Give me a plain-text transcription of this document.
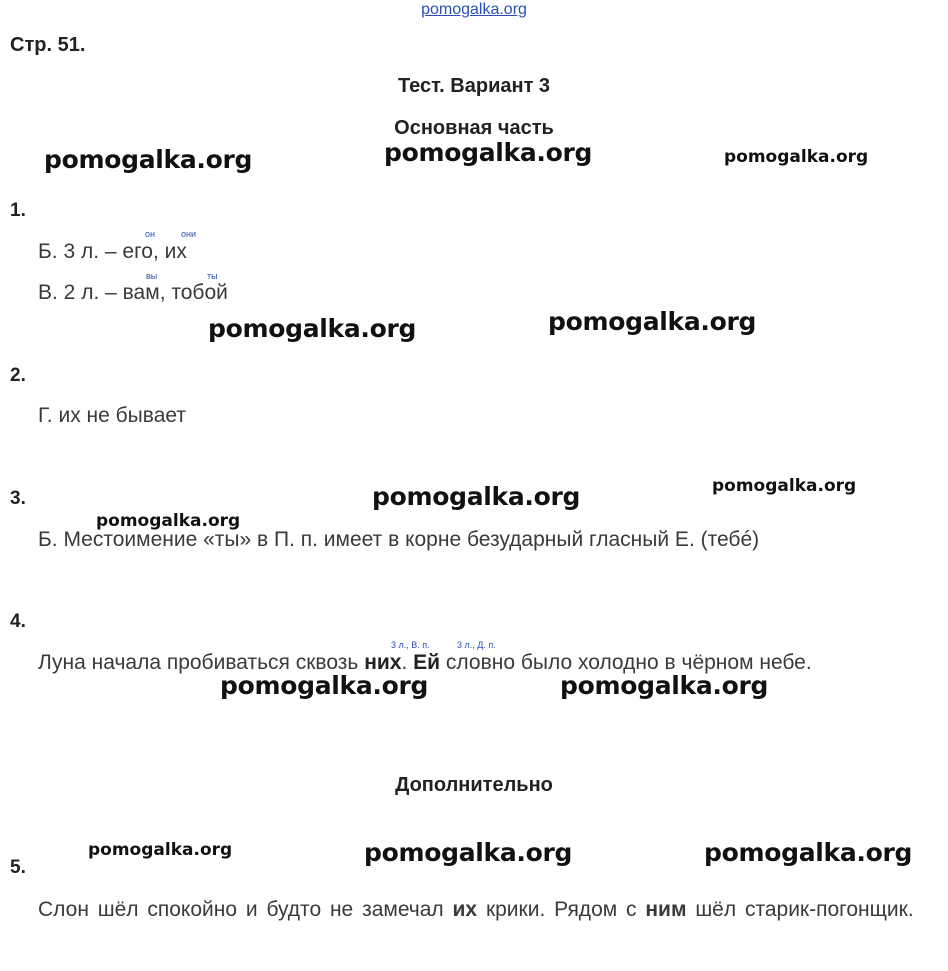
pomogalka.org
Стр. 51.
Тест. Вариант 3
Основная часть
pomogalka.org	pomogalka.org	pomogalka.org
pomogalka.org	pomogalka.org
pomogalka.org	pomogalka.org
pomogalka.org
pomogalka.org	pomogalka.org
pomogalka.org	pomogalka.org	pomogalka.org
1.
он	они
Б. 3 л. – его, их
вы	ты
В. 2 л. – вам, тобой
2.
Г. их не бывает
3.
Б. Местоимение «ты» в П. п. имеет в корне безударный гласный Е. (тебé)
4.
3 л., В. п.	3 л., Д. п.
Луна начала пробиваться сквозь них. Ей словно было холодно в чёрном небе.
Дополнительно
5.
Слон шёл спокойно и будто не замечал их крики. Рядом с ним шёл старик-погонщик.
